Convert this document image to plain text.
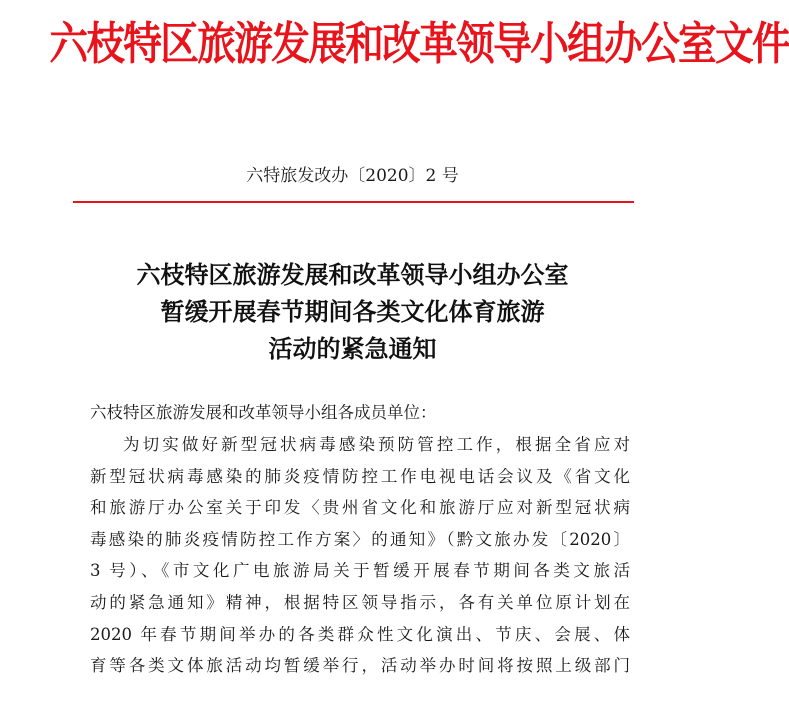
六枝特区旅游发展和改革领导小组办公室文件
六特旅发改办〔2020〕2 号
六枝特区旅游发展和改革领导小组办公室
暂缓开展春节期间各类文化体育旅游
活动的紧急通知
六枝特区旅游发展和改革领导小组各成员单位：
为切实做好新型冠状病毒感染预防管控工作，根据全省应对
新型冠状病毒感染的肺炎疫情防控工作电视电话会议及《省文化
和旅游厅办公室关于印发〈贵州省文化和旅游厅应对新型冠状病
毒感染的肺炎疫情防控工作方案〉的通知》（黔文旅办发〔2020〕
3 号）、《市文化广电旅游局关于暂缓开展春节期间各类文旅活
动的紧急通知》精神，根据特区领导指示，各有关单位原计划在
2020 年春节期间举办的各类群众性文化演出、节庆、会展、体
育等各类文体旅活动均暂缓举行，活动举办时间将按照上级部门
